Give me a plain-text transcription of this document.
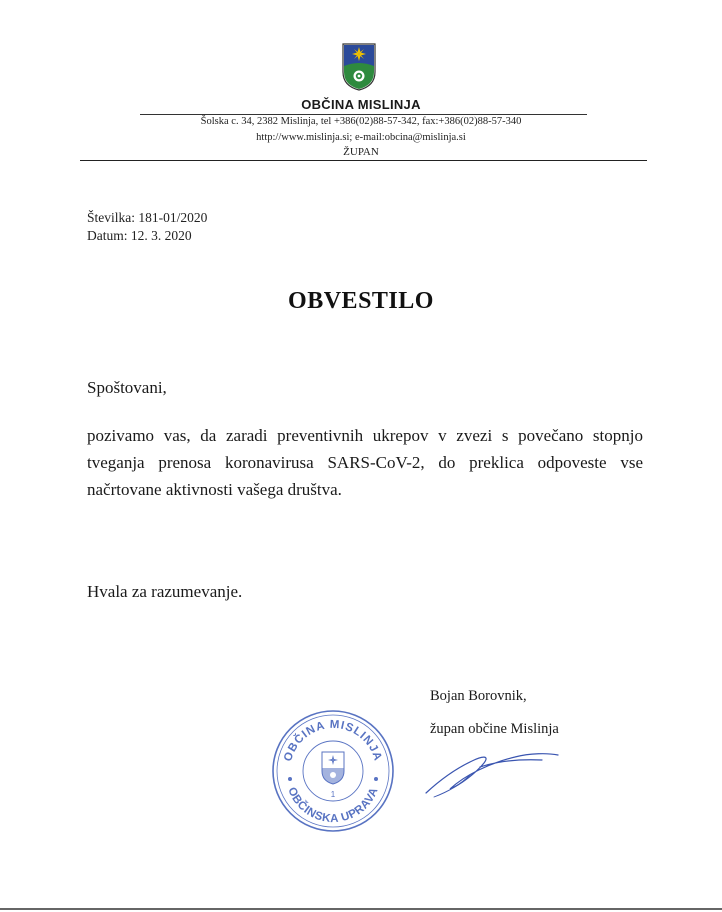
OBČINA MISLINJA
Šolska c. 34, 2382 Mislinja, tel +386(02)88-57-342, fax:+386(02)88-57-340
http://www.mislinja.si; e-mail:obcina@mislinja.si
ŽUPAN
Številka: 181-01/2020
Datum: 12. 3. 2020
OBVESTILO
Spoštovani,
pozivamo vas, da zaradi preventivnih ukrepov v zvezi s povečano stopnjo tveganja prenosa koronavirusa SARS-CoV-2, do preklica odpoveste vse načrtovane aktivnosti vašega društva.
Hvala za razumevanje.
Bojan Borovnik,
župan občine Mislinja
OBČINA MISLINJA
OBČINSKA UPRAVA
1
